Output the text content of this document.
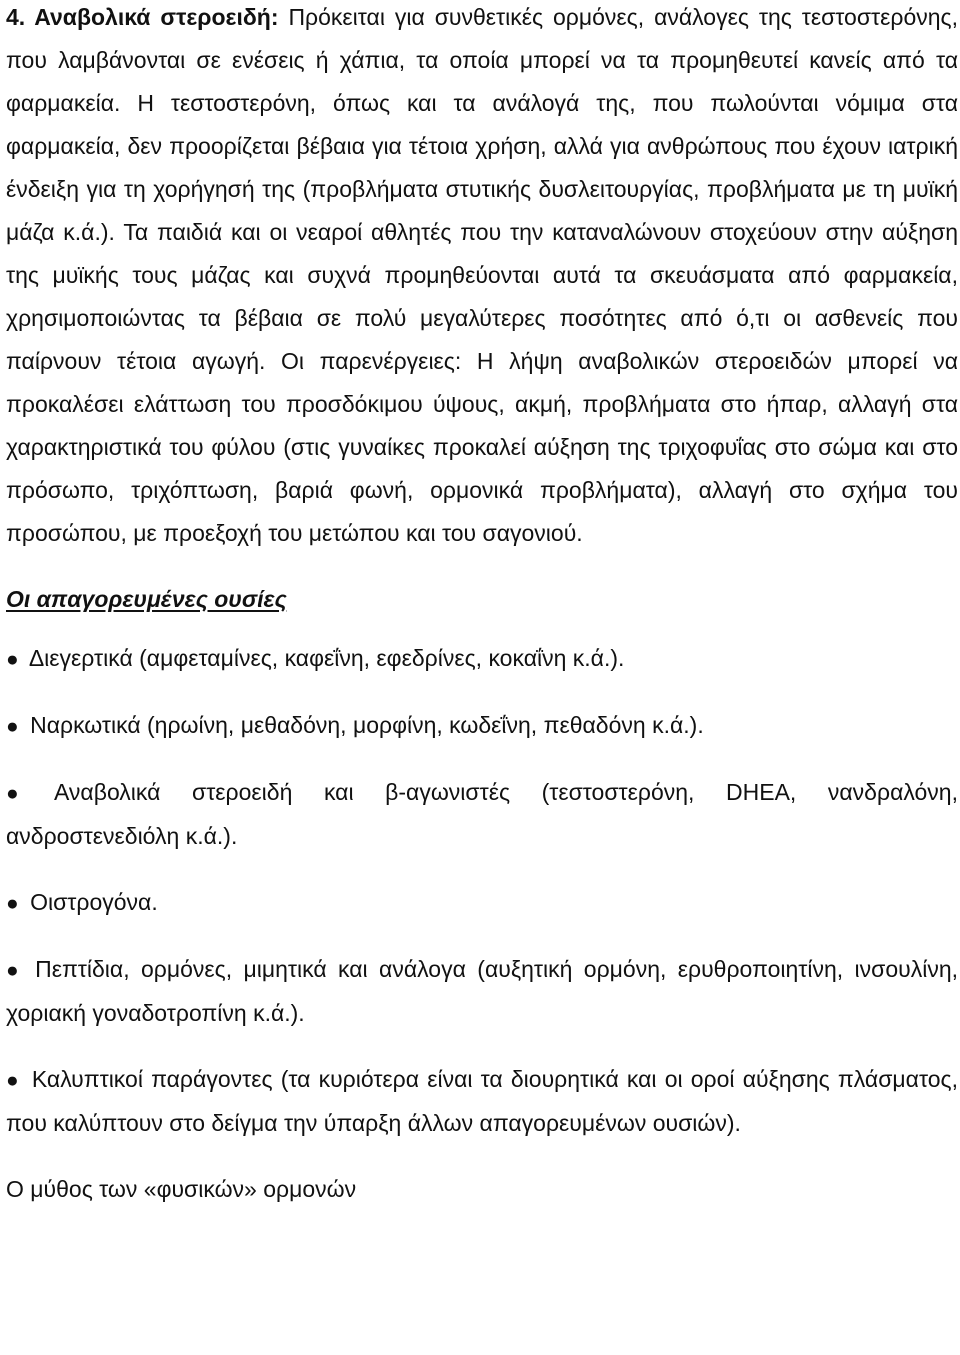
4. Αναβολικά στεροειδή: Πρόκειται για συνθετικές ορμόνες, ανάλογες της τεστοστερόνης, που λαμβάνονται σε ενέσεις ή χάπια, τα οποία μπορεί να τα προμηθευτεί κανείς από τα φαρμακεία. Η τεστοστερόνη, όπως και τα ανάλογά της, που πωλούνται νόμιμα στα φαρμακεία, δεν προορίζεται βέβαια για τέτοια χρήση, αλλά για ανθρώπους που έχουν ιατρική ένδειξη για τη χορήγησή της (προβλήματα στυτικής δυσλειτουργίας, προβλήματα με τη μυϊκή μάζα κ.ά.). Τα παιδιά και οι νεαροί αθλητές που την καταναλώνουν στοχεύουν στην αύξηση της μυϊκής τους μάζας και συχνά προμηθεύονται αυτά τα σκευάσματα από φαρμακεία, χρησιμοποιώντας τα βέβαια σε πολύ μεγαλύτερες ποσότητες από ό,τι οι ασθενείς που παίρνουν τέτοια αγωγή. Οι παρενέργειες: Η λήψη αναβολικών στεροειδών μπορεί να προκαλέσει ελάττωση του προσδόκιμου ύψους, ακμή, προβλήματα στο ήπαρ, αλλαγή στα χαρακτηριστικά του φύλου (στις γυναίκες προκαλεί αύξηση της τριχοφυΐας στο σώμα και στο πρόσωπο, τριχόπτωση, βαριά φωνή, ορμονικά προβλήματα), αλλαγή στο σχήμα του προσώπου, με προεξοχή του μετώπου και του σαγονιού.

Οι απαγορευμένες ουσίες

● Διεγερτικά (αμφεταμίνες, καφεΐνη, εφεδρίνες, κοκαΐνη κ.ά.).
● Ναρκωτικά (ηρωίνη, μεθαδόνη, μορφίνη, κωδεΐνη, πεθαδόνη κ.ά.).
● Αναβολικά στεροειδή και β-αγωνιστές (τεστοστερόνη, DHEA, νανδραλόνη, ανδροστενεδιόλη κ.ά.).
● Οιστρογόνα.
● Πεπτίδια, ορμόνες, μιμητικά και ανάλογα (αυξητική ορμόνη, ερυθροποιητίνη, ινσουλίνη, χοριακή γοναδοτροπίνη κ.ά.).
● Καλυπτικοί παράγοντες (τα κυριότερα είναι τα διουρητικά και οι οροί αύξησης πλάσματος, που καλύπτουν στο δείγμα την ύπαρξη άλλων απαγορευμένων ουσιών).

Ο μύθος των «φυσικών» ορμονών
